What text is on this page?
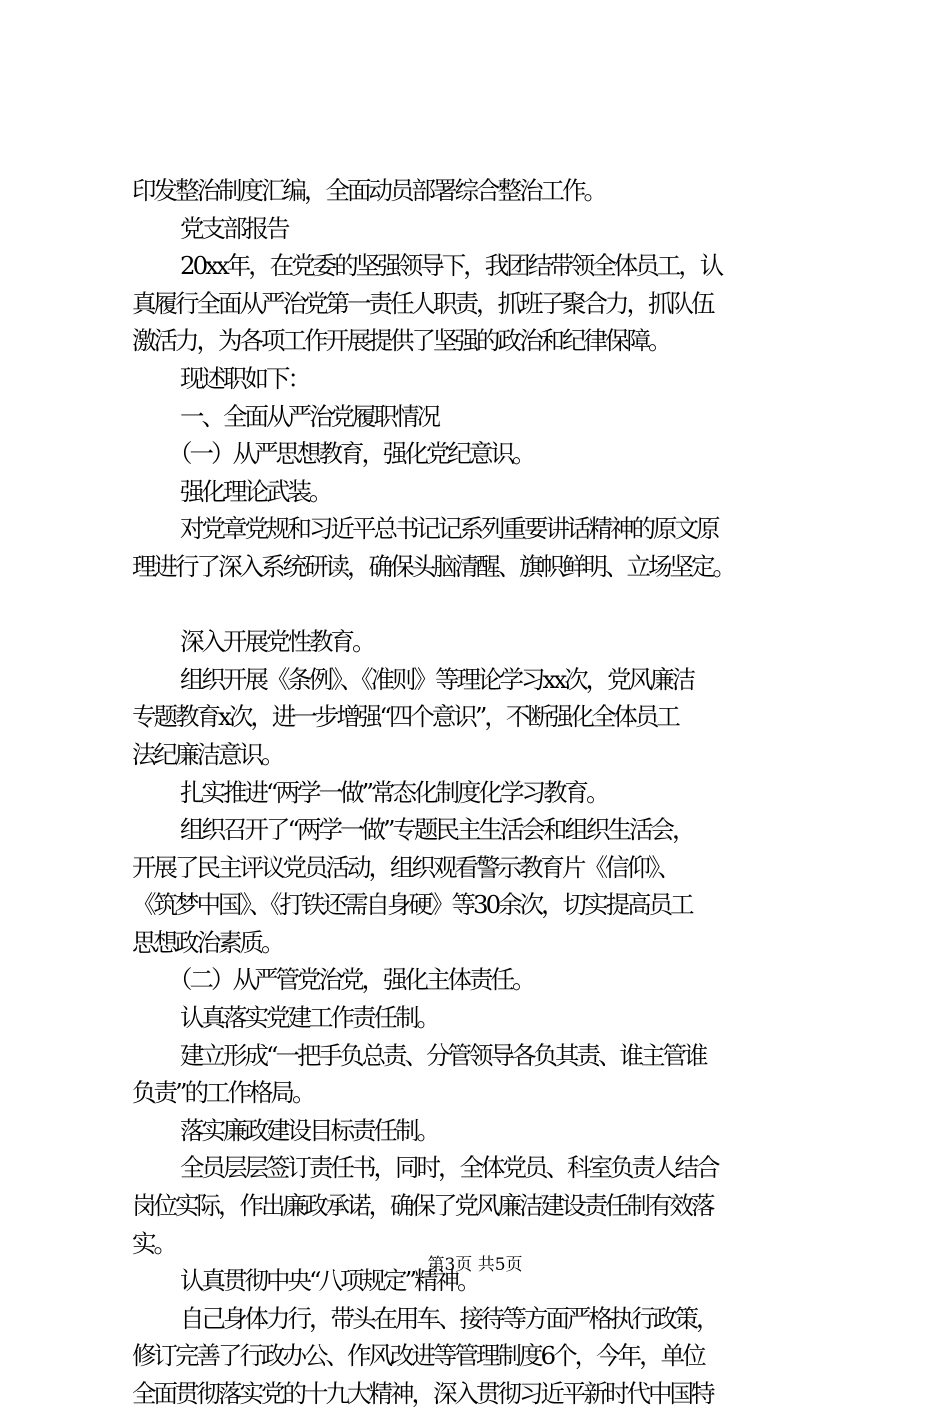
印发整治制度汇编，全面动员部署综合整治工作。
党支部报告
20xx年，在党委的坚强领导下，我团结带领全体员工，认
真履行全面从严治党第一责任人职责，抓班子聚合力，抓队伍
激活力，为各项工作开展提供了坚强的政治和纪律保障。
现述职如下：
一、全面从严治党履职情况
（一）从严思想教育，强化党纪意识。
强化理论武装。
对党章党规和习近平总书记记系列重要讲话精神的原文原
理进行了深入系统研读，确保头脑清醒、旗帜鲜明、立场坚定。
深入开展党性教育。
组织开展《条例》、《准则》等理论学习xx次，党风廉洁
专题教育x次，进一步增强“四个意识”，不断强化全体员工
法纪廉洁意识。
扎实推进“两学一做”常态化制度化学习教育。
组织召开了“两学一做”专题民主生活会和组织生活会，
开展了民主评议党员活动，组织观看警示教育片《信仰》、
《筑梦中国》、《打铁还需自身硬》等30余次，切实提高员工
思想政治素质。
（二）从严管党治党，强化主体责任。
认真落实党建工作责任制。
建立形成“一把手负总责、分管领导各负其责、谁主管谁
负责”的工作格局。
落实廉政建设目标责任制。
全员层层签订责任书，同时，全体党员、科室负责人结合
岗位实际，作出廉政承诺，确保了党风廉洁建设责任制有效落
实。
认真贯彻中央“八项规定”精神。
自己身体力行，带头在用车、接待等方面严格执行政策，
修订完善了行政办公、作风改进等管理制度6个，今年，单位
全面贯彻落实党的十九大精神，深入贯彻习近平新时代中国特
第3页 共5页
